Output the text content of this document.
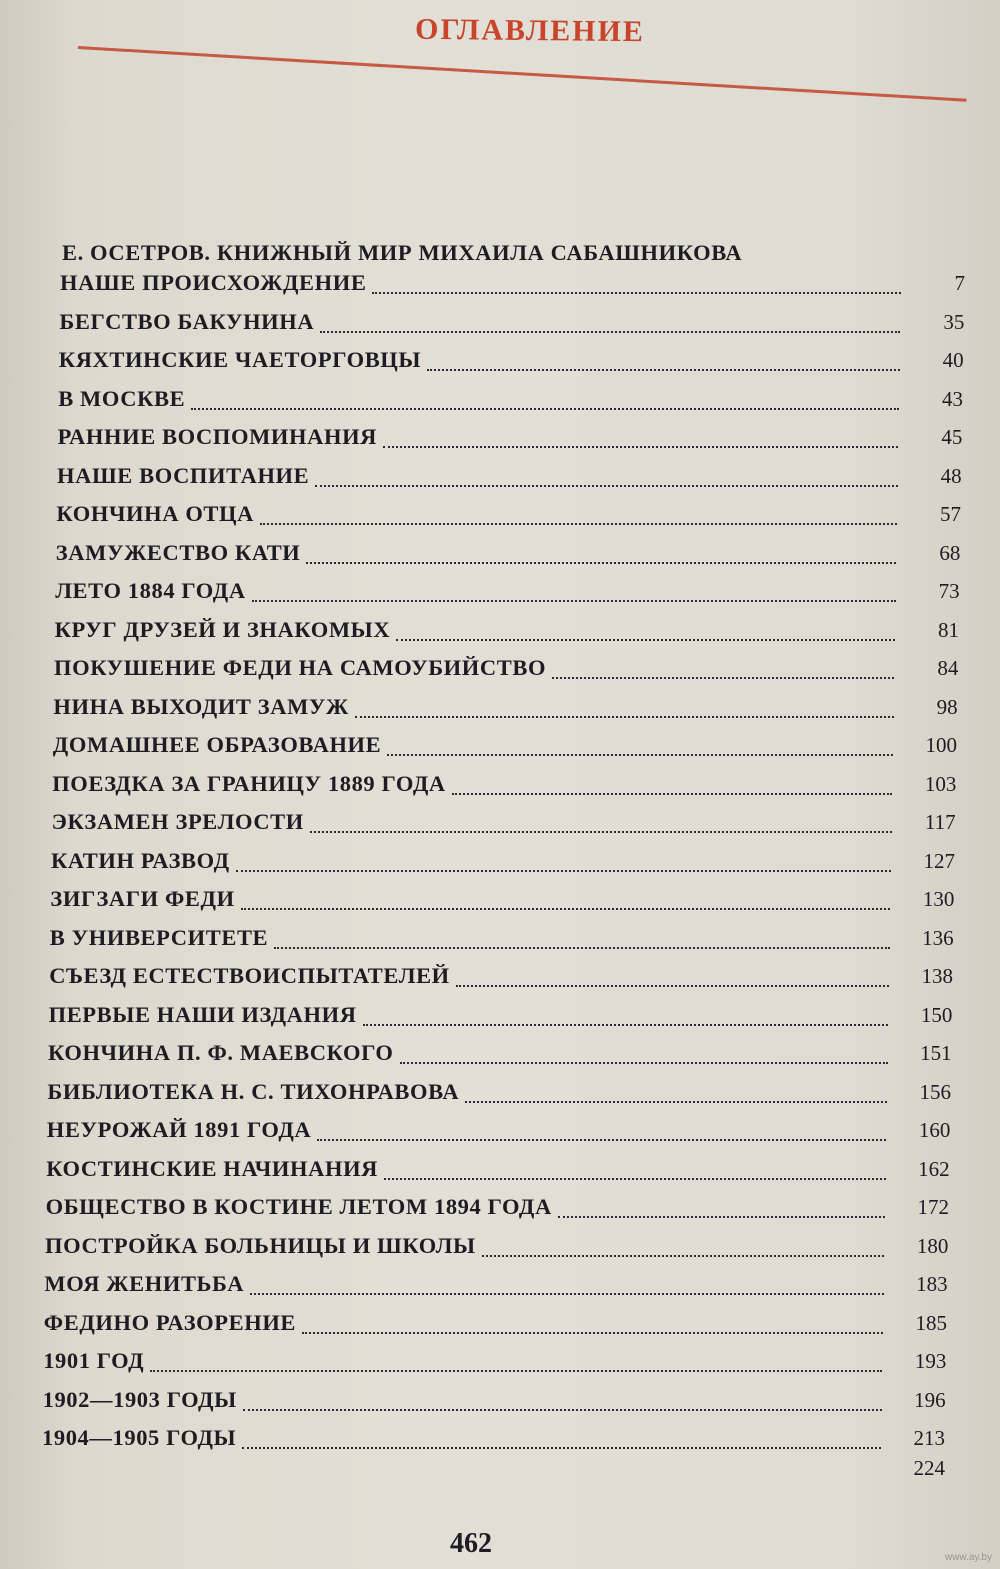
ОГЛАВЛЕНИЕ
Е. ОСЕТРОВ. КНИЖНЫЙ МИР МИХАИЛА САБАШНИКОВА
НАШЕ ПРОИСХОЖДЕНИЕ	7
БЕГСТВО БАКУНИНА	35
КЯХТИНСКИЕ ЧАЕТОРГОВЦЫ	40
В МОСКВЕ	43
РАННИЕ ВОСПОМИНАНИЯ	45
НАШЕ ВОСПИТАНИЕ	48
КОНЧИНА ОТЦА	57
ЗАМУЖЕСТВО КАТИ	68
ЛЕТО 1884 ГОДА	73
КРУГ ДРУЗЕЙ И ЗНАКОМЫХ	81
ПОКУШЕНИЕ ФЕДИ НА САМОУБИЙСТВО	84
НИНА ВЫХОДИТ ЗАМУЖ	98
ДОМАШНЕЕ ОБРАЗОВАНИЕ	100
ПОЕЗДКА ЗА ГРАНИЦУ 1889 ГОДА	103
ЭКЗАМЕН ЗРЕЛОСТИ	117
КАТИН РАЗВОД	127
ЗИГЗАГИ ФЕДИ	130
В УНИВЕРСИТЕТЕ	136
СЪЕЗД ЕСТЕСТВОИСПЫТАТЕЛЕЙ	138
ПЕРВЫЕ НАШИ ИЗДАНИЯ	150
КОНЧИНА П. Ф. МАЕВСКОГО	151
БИБЛИОТЕКА Н. С. ТИХОНРАВОВА	156
НЕУРОЖАЙ 1891 ГОДА	160
КОСТИНСКИЕ НАЧИНАНИЯ	162
ОБЩЕСТВО В КОСТИНЕ ЛЕТОМ 1894 ГОДА	172
ПОСТРОЙКА БОЛЬНИЦЫ И ШКОЛЫ	180
МОЯ ЖЕНИТЬБА	183
ФЕДИНО РАЗОРЕНИЕ	185
1901 ГОД	193
1902—1903 ГОДЫ	196
1904—1905 ГОДЫ	213
224
462	www.ay.by
